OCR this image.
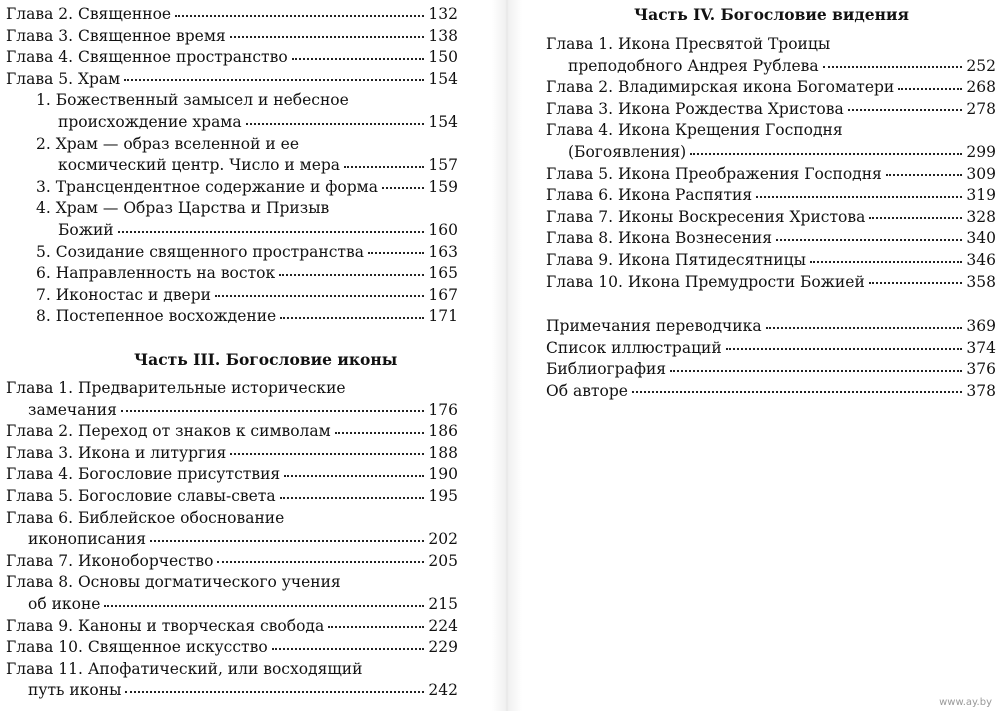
Глава 2. Священное	132
Глава 3. Священное время	138
Глава 4. Священное пространство	150
Глава 5. Храм	154
1. Божественный замысел и небесное
происхождение храма	154
2. Храм — образ вселенной и ее
космический центр. Число и мера	157
3. Трансцендентное содержание и форма	159
4. Храм — Образ Царства и Призыв
Божий	160
5. Созидание священного пространства	163
6. Направленность на восток	165
7. Иконостас и двери	167
8. Постепенное восхождение	171
Часть III. Богословие иконы
Глава 1. Предварительные исторические
замечания	176
Глава 2. Переход от знаков к символам	186
Глава 3. Икона и литургия	188
Глава 4. Богословие присутствия	190
Глава 5. Богословие славы-света	195
Глава 6. Библейское обоснование
иконописания	202
Глава 7. Иконоборчество	205
Глава 8. Основы догматического учения
об иконе	215
Глава 9. Каноны и творческая свобода	224
Глава 10. Священное искусство	229
Глава 11. Апофатический, или восходящий
путь иконы	242
Часть IV. Богословие видения
Глава 1. Икона Пресвятой Троицы
преподобного Андрея Рублева	252
Глава 2. Владимирская икона Богоматери	268
Глава 3. Икона Рождества Христова	278
Глава 4. Икона Крещения Господня
(Богоявления)	299
Глава 5. Икона Преображения Господня	309
Глава 6. Икона Распятия	319
Глава 7. Иконы Воскресения Христова	328
Глава 8. Икона Вознесения	340
Глава 9. Икона Пятидесятницы	346
Глава 10. Икона Премудрости Божией	358
Примечания переводчика	369
Список иллюстраций	374
Библиография	376
Об авторе	378
www.ay.by
